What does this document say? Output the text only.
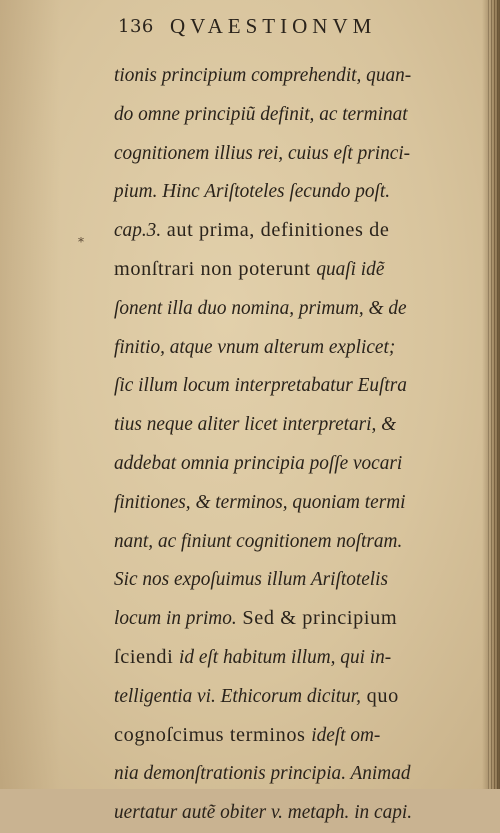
136 QVAESTIONVM
⁎
tionis principium comprehendit, quan-
do omne principiũ definit, ac terminat
cognitionem illius rei, cuius eſt princi-
pium. Hinc Ariſtoteles ſecundo poſt.
cap.3. aut prima, definitiones de
monſtrari non poterunt quaſi idẽ
ſonent illa duo nomina, primum, & de
finitio, atque vnum alterum explicet;
ſic illum locum interpretabatur Euſtra
tius neque aliter licet interpretari, &
addebat omnia principia poſſe vocari
finitiones, & terminos, quoniam termi
nant, ac finiunt cognitionem noſtram.
Sic nos expoſuimus illum Ariſtotelis
locum in primo. Sed & principium
ſciendi id eſt habitum illum, qui in-
telligentia vi. Ethicorum dicitur, quo
cognoſcimus terminos ideſt om-
nia demonſtrationis principia. Animad
uertatur autẽ obiter v. metaph. in capi.
